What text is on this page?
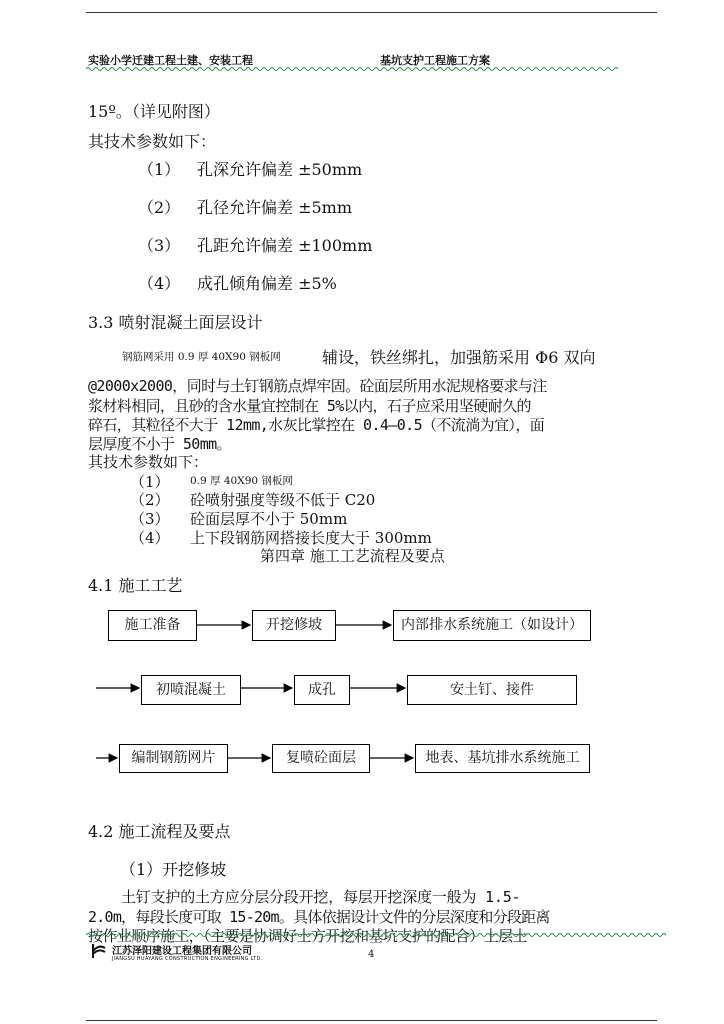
实验小学迁建工程土建、安装工程	基坑支护工程施工方案
15º。（详见附图）
其技术参数如下：
（1） 孔深允许偏差 ±50mm
（2） 孔径允许偏差 ±5mm
（3） 孔距允许偏差 ±100mm
（4） 成孔倾角偏差 ±5%
3.3 喷射混凝土面层设计
钢筋网采用 0.9 厚 40X90 钢板网	辅设，铁丝绑扎，加强筋采用 Φ6 双向
@2000x2000，同时与土钉钢筋点焊牢固。砼面层所用水泥规格要求与注
浆材料相同，且砂的含水量宜控制在 5%以内，石子应采用坚硬耐久的
碎石，其粒径不大于 12mm,水灰比掌控在 0.4—0.5（不流淌为宜），面
层厚度不小于 50mm。
其技术参数如下：
（1） 0.9 厚 40X90 钢板网
（2） 砼喷射强度等级不低于 C20
（3） 砼面层厚不小于 50mm
（4） 上下段钢筋网搭接长度大于 300mm
第四章 施工工艺流程及要点
4.1 施工工艺
施工准备	开挖修坡	内部排水系统施工（如设计）
初喷混凝土	成孔	安土钉、接件
编制钢筋网片	复喷砼面层	地表、基坑排水系统施工
4.2 施工流程及要点
（1）开挖修坡
土钉支护的土方应分层分段开挖，每层开挖深度一般为 1.5-
2.0m，每段长度可取 15-20m。具体依据设计文件的分层深度和分段距离
按作业顺序施工，（主要是协调好土方开挖和基坑支护的配合）上层土
江苏泽阳建设工程集团有限公司
JIANGSU HUAYANG CONSTRUCTION ENGINEERING LTD.	4
